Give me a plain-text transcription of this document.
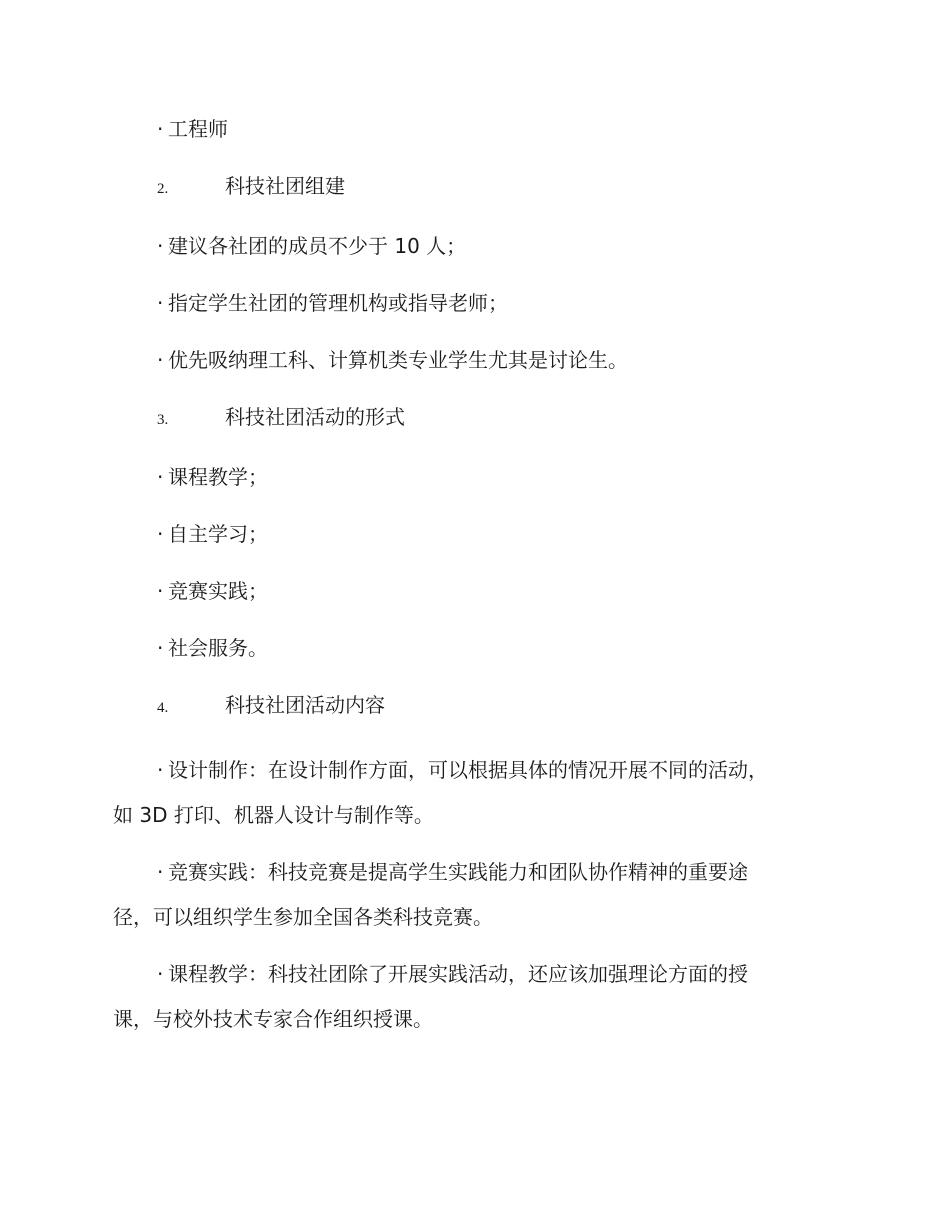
· 工程师
2.	科技社团组建
· 建议各社团的成员不少于 10 人；
· 指定学生社团的管理机构或指导老师；
· 优先吸纳理工科、计算机类专业学生尤其是讨论生。
3.	科技社团活动的形式
· 课程教学；
· 自主学习；
· 竞赛实践；
· 社会服务。
4.	科技社团活动内容
· 设计制作：在设计制作方面，可以根据具体的情况开展不同的活动，
如 3D 打印、机器人设计与制作等。
· 竞赛实践：科技竞赛是提高学生实践能力和团队协作精神的重要途
径，可以组织学生参加全国各类科技竞赛。
· 课程教学：科技社团除了开展实践活动，还应该加强理论方面的授
课，与校外技术专家合作组织授课。
